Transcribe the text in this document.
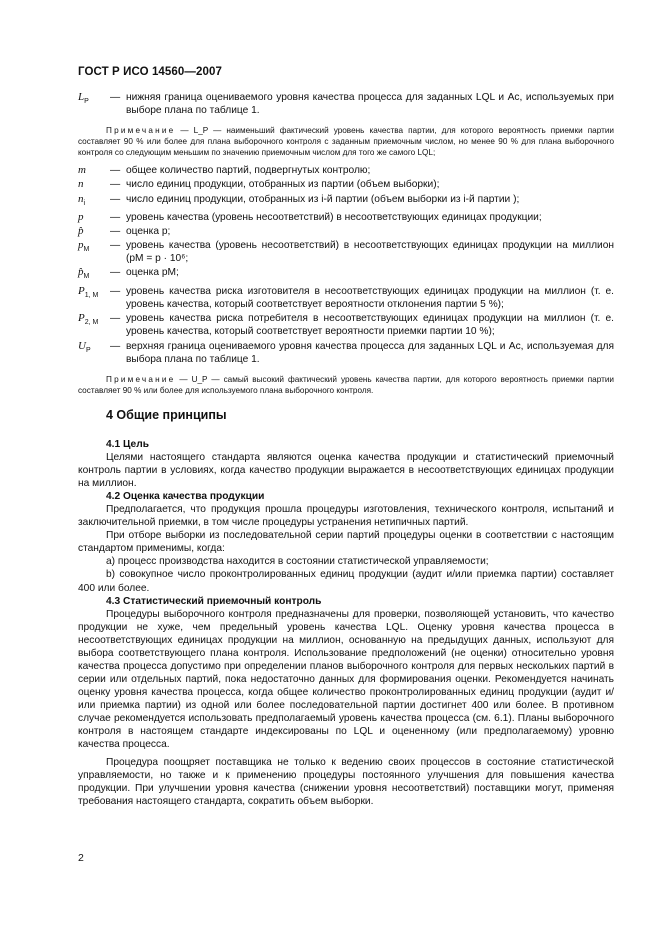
ГОСТ Р ИСО 14560—2007
$L_P$	— нижняя граница оцениваемого уровня качества процесса для заданных LQL и Ac, используемых при выборе плана по таблице 1.
Примечание — L_P — наименьший фактический уровень качества партии, для которого вероятность приемки партии составляет 90 % или более для плана выборочного контроля с заданным приемочным числом, но менее 90 % для плана выборочного контроля со следующим меньшим по значению приемочным числом для того же самого LQL;
m	— общее количество партий, подвергнутых контролю;
n	— число единиц продукции, отобранных из партии (объем выборки);
$n_i$	— число единиц продукции, отобранных из i-й партии (объем выборки из i-й партии );
p	— уровень качества (уровень несоответствий) в несоответствующих единицах продукции;
p̂	— оценка p;
$p_M$	— уровень качества (уровень несоответствий) в несоответствующих единицах продукции на миллион (pM = p · 10⁶;
$p̂_M$	— оценка pM;
$P_{1, M}$	— уровень качества риска изготовителя в несоответствующих единицах продукции на миллион (т. е. уровень качества, который соответствует вероятности отклонения партии 5 %);
$P_{2, M}$	— уровень качества риска потребителя в несоответствующих единицах продукции на миллион (т. е. уровень качества, который соответствует вероятности приемки партии 10 %);
$U_P$	— верхняя граница оцениваемого уровня качества процесса для заданных LQL и Ac, используемая для выбора плана по таблице 1.
Примечание — U_P — самый высокий фактический уровень качества партии, для которого вероятность приемки партии составляет 90 % или более для используемого плана выборочного контроля.
4 Общие принципы
4.1 Цель

Целями настоящего стандарта являются оценка качества продукции и статистический приемочный контроль партии в условиях, когда качество продукции выражается в несоответствующих единицах продукции на миллион.

4.2 Оценка качества продукции

Предполагается, что продукция прошла процедуры изготовления, технического контроля, испытаний и заключительной приемки, в том числе процедуры устранения нетипичных партий.

При отборе выборки из последовательной серии партий процедуры оценки в соответствии с настоящим стандартом применимы, когда:

а) процесс производства находится в состоянии статистической управляемости;

b) совокупное число проконтролированных единиц продукции (аудит и/или приемка партии) составляет 400 или более.

4.3 Статистический приемочный контроль

Процедуры выборочного контроля предназначены для проверки, позволяющей установить, что качество продукции не хуже, чем предельный уровень качества LQL. Оценку уровня качества процесса в несоответствующих единицах продукции на миллион, основанную на предыдущих данных, используют для выбора соответствующего плана контроля. Использование предположений (не оценки) относительно уровня качества процесса допустимо при определении планов выборочного контроля для первых нескольких партий в серии или отдельных партий, пока недостаточно данных для формирования оценки. Рекомендуется начинать оценку уровня качества процесса, когда общее количество проконтролированных единиц продукции (аудит и/или приемка партии) из одной или более последовательной партии достигнет 400 или более. В противном случае рекомендуется использовать предполагаемый уровень качества процесса (см. 6.1). Планы выборочного контроля в настоящем стандарте индексированы по LQL и оцененному (или предполагаемому) уровню качества процесса.

Процедура поощряет поставщика не только к ведению своих процессов в состояние статистической управляемости, но также и к применению процедуры постоянного улучшения для повышения качества продукции. При улучшении уровня качества (снижении уровня несоответствий) поставщики могут, применяя требования настоящего стандарта, сократить объем выборки.

2
